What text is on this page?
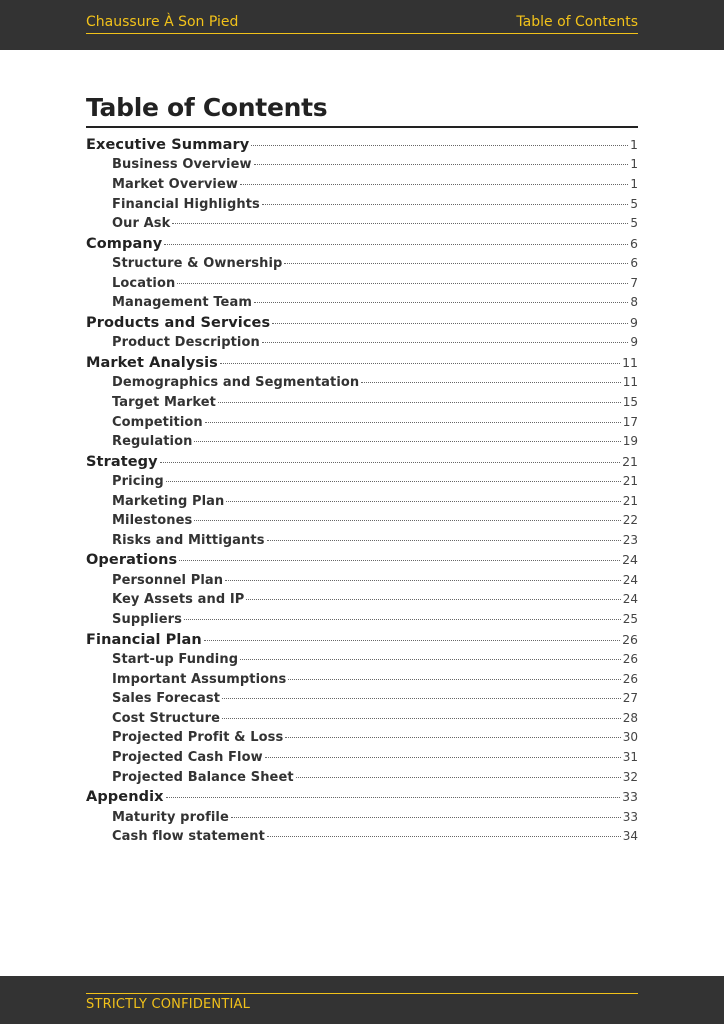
Chaussure À Son Pied	Table of Contents
Table of Contents
Executive Summary	1
Business Overview	1
Market Overview	1
Financial Highlights	5
Our Ask	5
Company	6
Structure & Ownership	6
Location	7
Management Team	8
Products and Services	9
Product Description	9
Market Analysis	11
Demographics and Segmentation	11
Target Market	15
Competition	17
Regulation	19
Strategy	21
Pricing	21
Marketing Plan	21
Milestones	22
Risks and Mittigants	23
Operations	24
Personnel Plan	24
Key Assets and IP	24
Suppliers	25
Financial Plan	26
Start-up Funding	26
Important Assumptions	26
Sales Forecast	27
Cost Structure	28
Projected Profit & Loss	30
Projected Cash Flow	31
Projected Balance Sheet	32
Appendix	33
Maturity profile	33
Cash flow statement	34
STRICTLY CONFIDENTIAL
